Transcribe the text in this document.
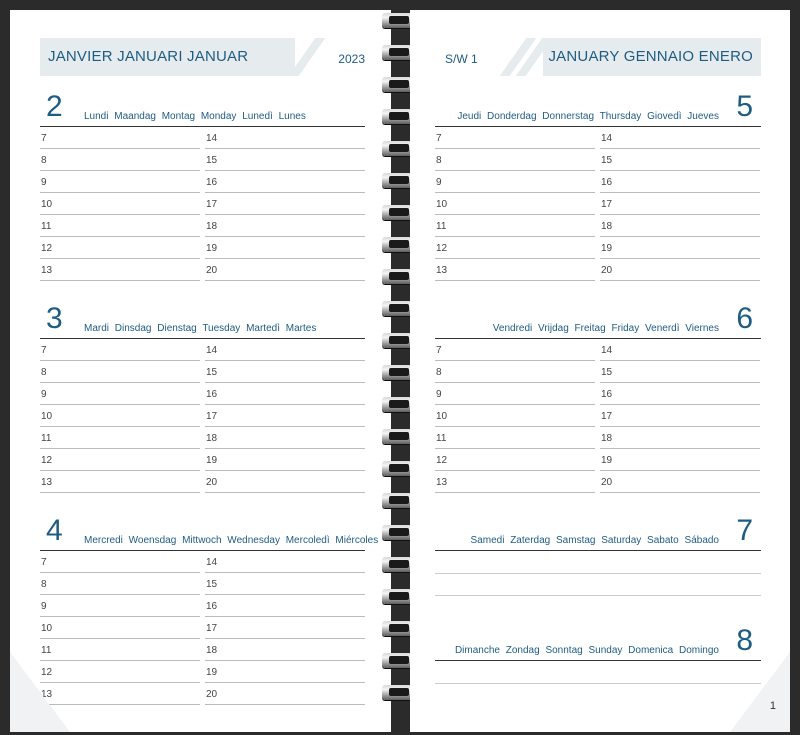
JANVIER JANUARI JANUAR	2023
2 Lundi Maandag Montag Monday Lunedì Lunes
7
8
9
10
11
12
13
14
15
16
17
18
19
20
3 Mardi Dinsdag Dienstag Tuesday Martedì Martes
7
8
9
10
11
12
13
14
15
16
17
18
19
20
4 Mercredi Woensdag Mittwoch Wednesday Mercoledì Miércoles
7
8
9
10
11
12
13
14
15
16
17
18
19
20
S/W 1	JANUARY GENNAIO ENERO
5
Jeudi Donderdag Donnerstag Thursday Giovedì Jueves
7
8
9
10
11
12
13
14
15
16
17
18
19
20
6
Vendredi Vrijdag Freitag Friday Venerdì Viernes
7
8
9
10
11
12
13
14
15
16
17
18
19
20
7
Samedi Zaterdag Samstag Saturday Sabato Sábado
8
Dimanche Zondag Sonntag Sunday Domenica Domingo
1
